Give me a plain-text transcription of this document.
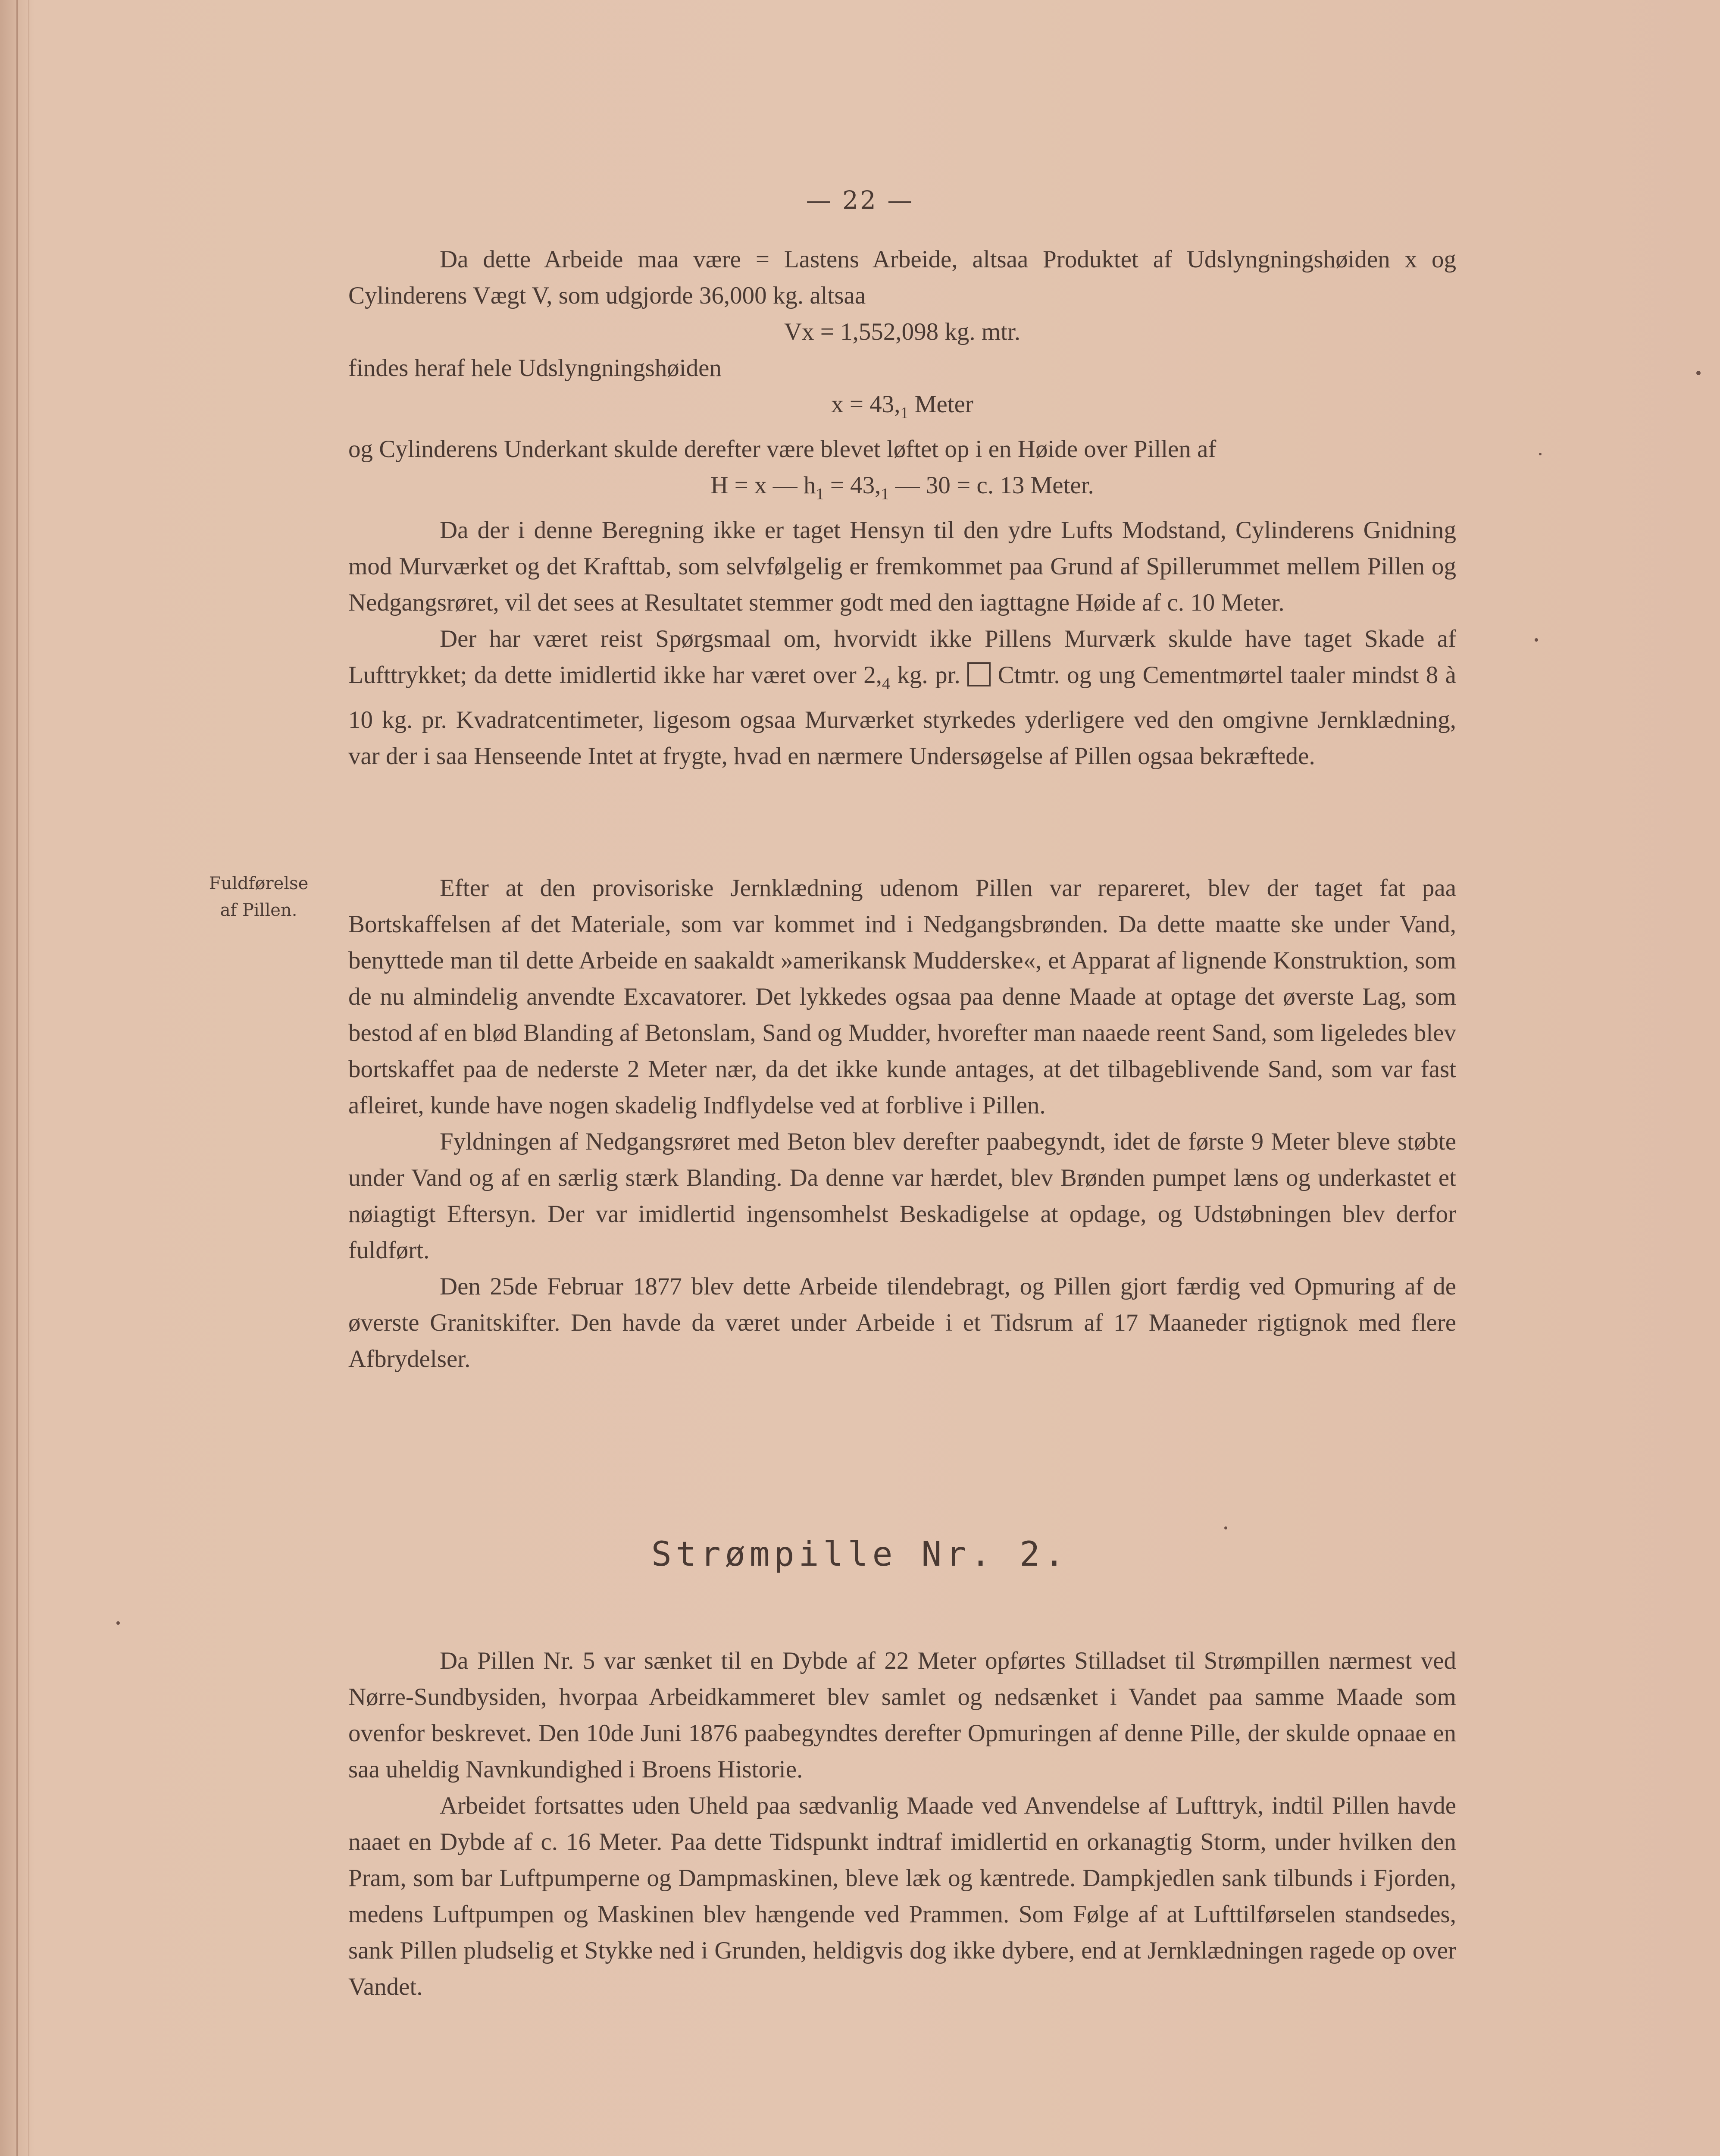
— 22 —

Da dette Arbeide maa være = Lastens Arbeide, altsaa Produktet af Udslyngningshøiden x og Cylinderens Vægt V, som udgjorde 36,000 kg. altsaa

Vx = 1,552,098 kg. mtr.

findes heraf hele Udslyngningshøiden

$x = 43,_1$ Meter

og Cylinderens Underkant skulde derefter være blevet løftet op i en Høide over Pillen af

H = x — $h_1 = 43,_1$ — 30 = c. 13 Meter.

Da der i denne Beregning ikke er taget Hensyn til den ydre Lufts Modstand, Cylinderens Gnidning mod Murværket og det Krafttab, som selvfølgelig er fremkommet paa Grund af Spillerummet mellem Pillen og Nedgangsrøret, vil det sees at Resultatet stemmer godt med den iagttagne Høide af c. 10 Meter.

Der har været reist Spørgsmaal om, hvorvidt ikke Pillens Murværk skulde have taget Skade af Lufttrykket; da dette imidlertid ikke har været over $2,_4$ kg. pr. Ctmtr. og ung Cementmørtel taaler mindst 8 à 10 kg. pr. Kvadratcentimeter, ligesom ogsaa Murværket styrkedes yderligere ved den omgivne Jernklædning, var der i saa Henseende Intet at frygte, hvad en nærmere Undersøgelse af Pillen ogsaa bekræftede.

Fuldførelse
af Pillen.

Efter at den provisoriske Jernklædning udenom Pillen var repareret, blev der taget fat paa Bortskaffelsen af det Materiale, som var kommet ind i Nedgangsbrønden. Da dette maatte ske under Vand, benyttede man til dette Arbeide en saakaldt »amerikansk Mudderske«, et Apparat af lignende Konstruktion, som de nu almindelig anvendte Excavatorer. Det lykkedes ogsaa paa denne Maade at optage det øverste Lag, som bestod af en blød Blanding af Betonslam, Sand og Mudder, hvorefter man naaede reent Sand, som ligeledes blev bortskaffet paa de nederste 2 Meter nær, da det ikke kunde antages, at det tilbageblivende Sand, som var fast afleiret, kunde have nogen skadelig Indflydelse ved at forblive i Pillen.

Fyldningen af Nedgangsrøret med Beton blev derefter paabegyndt, idet de første 9 Meter bleve støbte under Vand og af en særlig stærk Blanding. Da denne var hærdet, blev Brønden pumpet læns og underkastet et nøiagtigt Eftersyn. Der var imidlertid ingensomhelst Beskadigelse at opdage, og Udstøbningen blev derfor fuldført.

Den 25de Februar 1877 blev dette Arbeide tilendebragt, og Pillen gjort færdig ved Opmuring af de øverste Granitskifter. Den havde da været under Arbeide i et Tidsrum af 17 Maaneder rigtignok med flere Afbrydelser.

Strømpille Nr. 2.

Da Pillen Nr. 5 var sænket til en Dybde af 22 Meter opførtes Stilladset til Strømpillen nærmest ved Nørre-Sundbysiden, hvorpaa Arbeidkammeret blev samlet og nedsænket i Vandet paa samme Maade som ovenfor beskrevet. Den 10de Juni 1876 paabegyndtes derefter Opmuringen af denne Pille, der skulde opnaae en saa uheldig Navnkundighed i Broens Historie.

Arbeidet fortsattes uden Uheld paa sædvanlig Maade ved Anvendelse af Lufttryk, indtil Pillen havde naaet en Dybde af c. 16 Meter. Paa dette Tidspunkt indtraf imidlertid en orkanagtig Storm, under hvilken den Pram, som bar Luftpumperne og Dampmaskinen, bleve læk og kæntrede. Dampkjedlen sank tilbunds i Fjorden, medens Luftpumpen og Maskinen blev hængende ved Prammen. Som Følge af at Lufttilførselen standsedes, sank Pillen pludselig et Stykke ned i Grunden, heldigvis dog ikke dybere, end at Jernklædningen ragede op over Vandet.
